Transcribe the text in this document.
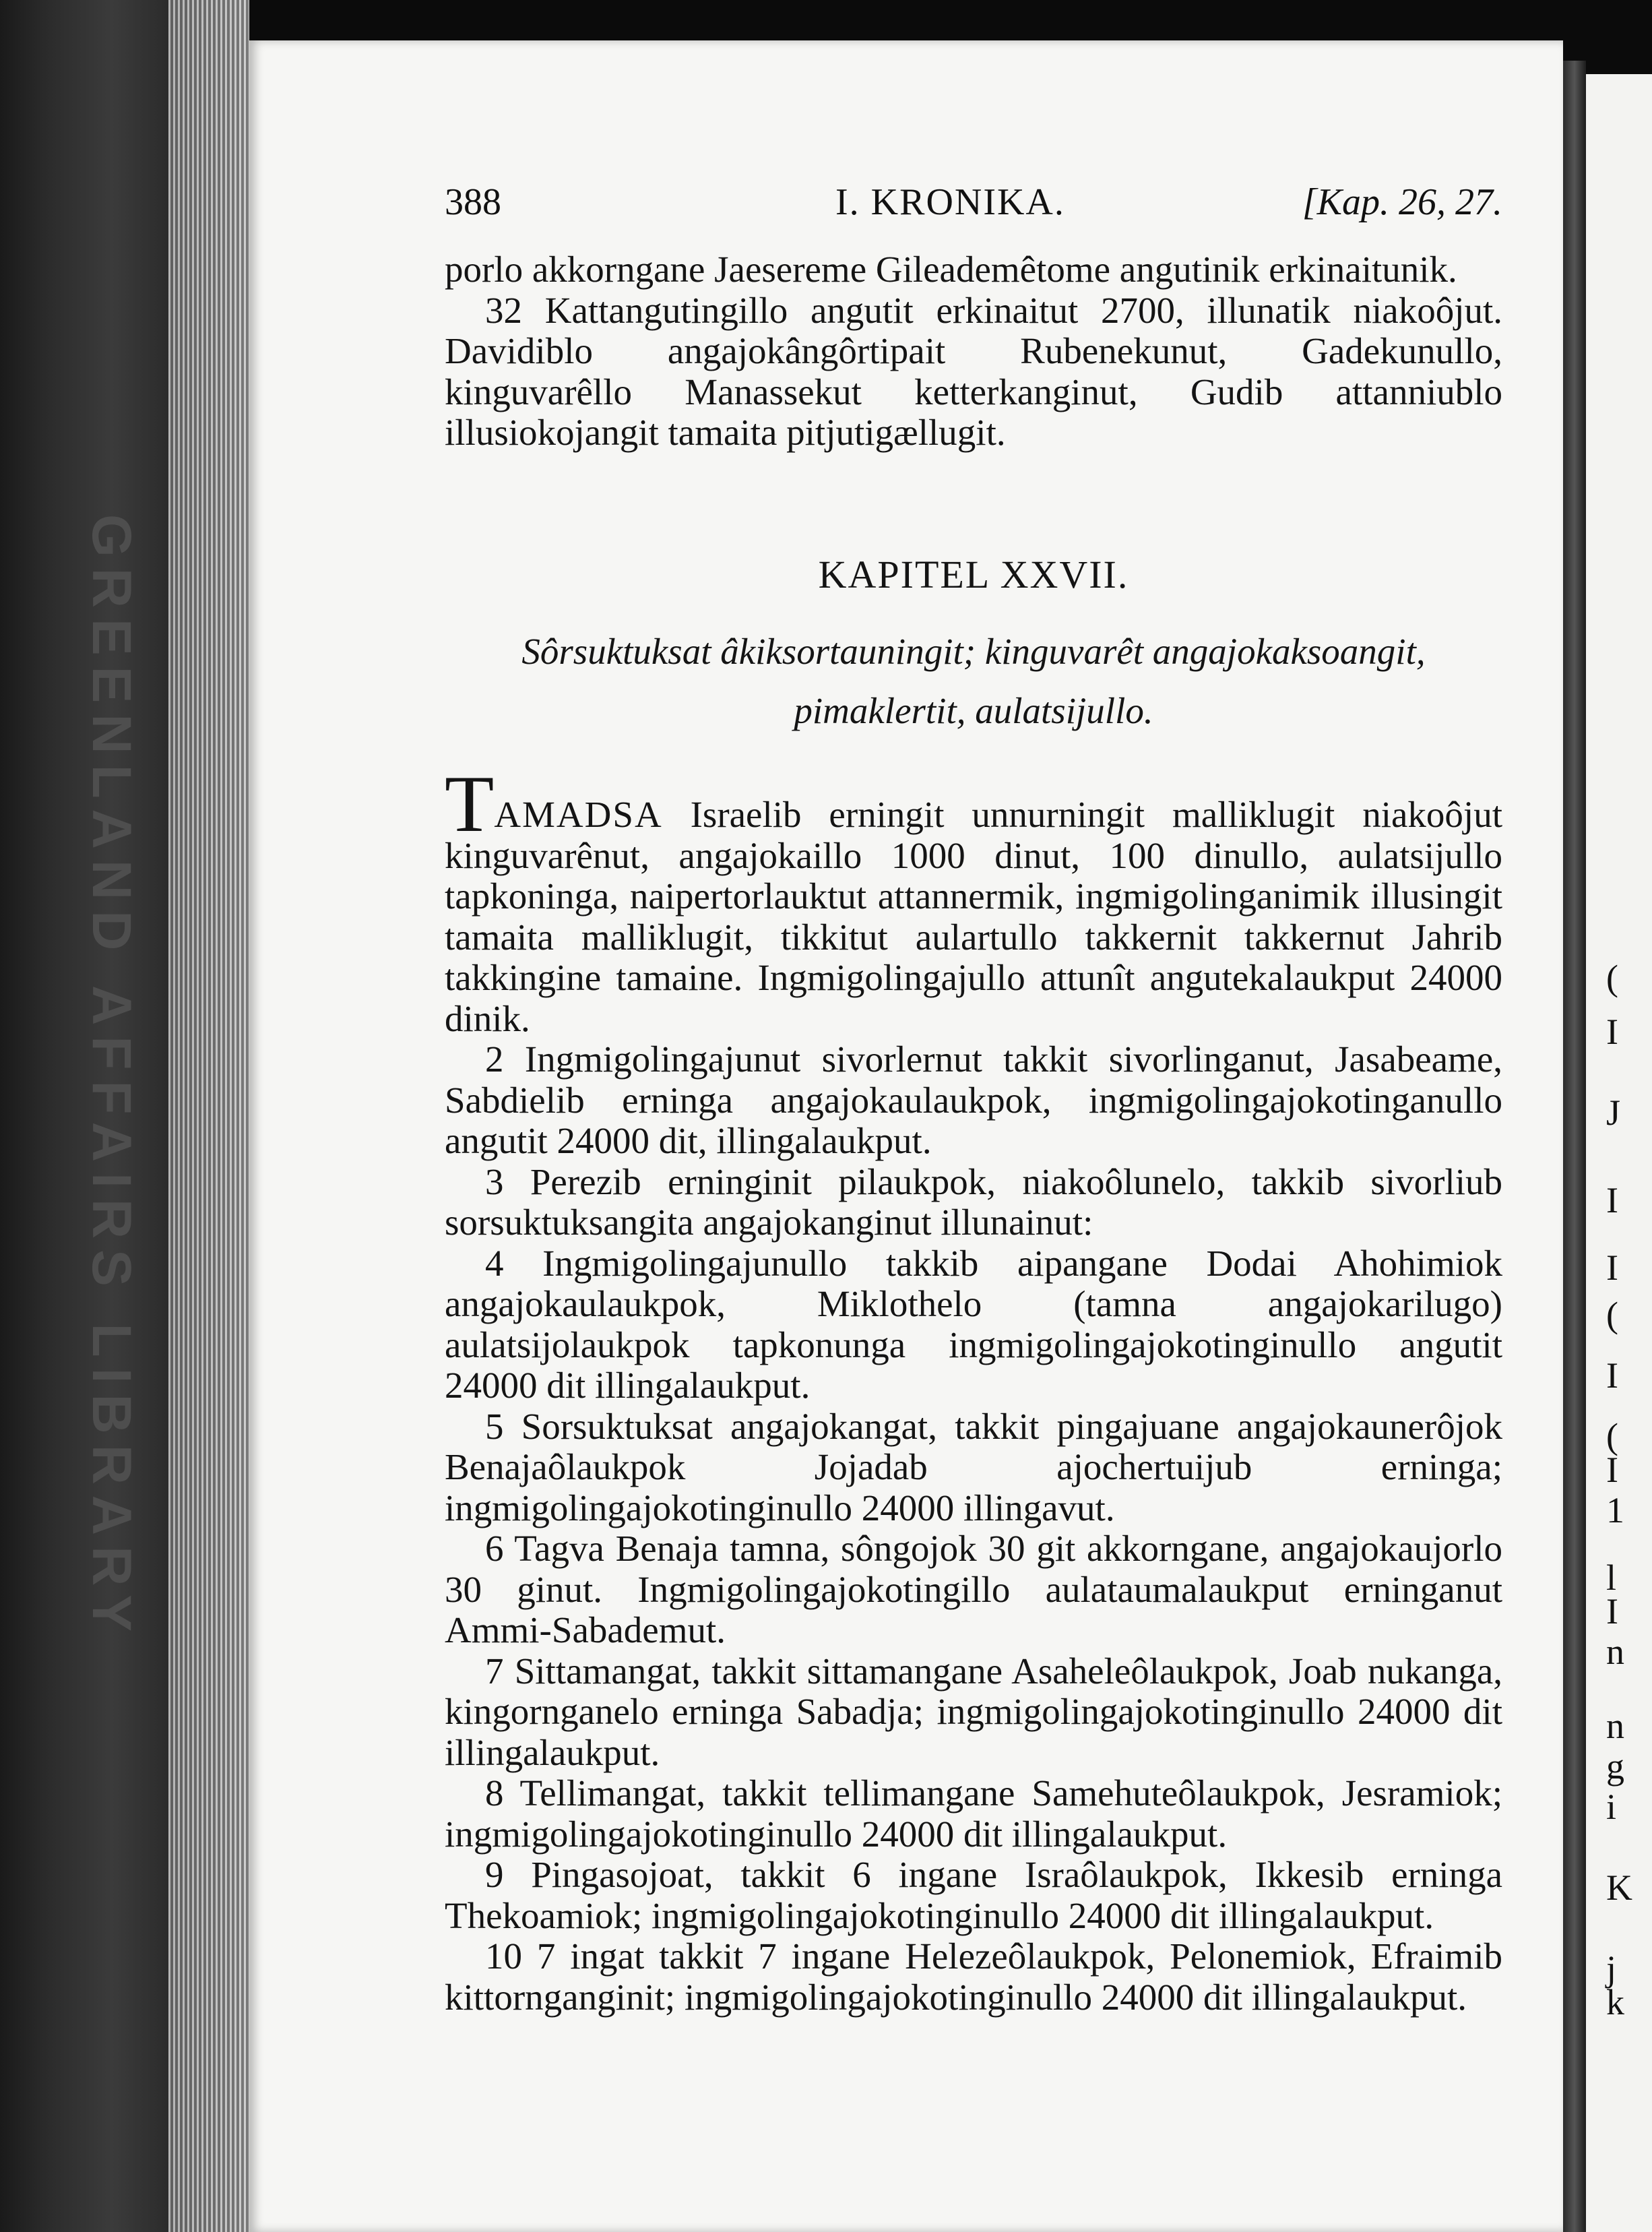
GREENLAND AFFAIRS LIBRARY	(
I
J
I
I
(
I
(
I
1
l
I
n
n
g
i
K
j
k
388	I. KRONIKA.	[Kap. 26, 27.

porlo akkorngane Jaesereme Gileademêtome angutinik erkinaitunik.

32 Kattangutingillo angutit erkinaitut 2700, illunatik niakoôjut. Davidiblo angajokângôrtipait Rubenekunut, Gadekunullo, kinguvarêllo Manassekut ketterkanginut, Gudib attanniublo illusiokojangit tamaita pitjutigællugit.

KAPITEL XXVII.

Sôrsuktuksat âkiksortauningit; kinguvarêt angajokaksoangit, pimaklertit, aulatsijullo.

TAMADSA Israelib erningit unnurningit malliklugit niakoôjut kinguvarênut, angajokaillo 1000 dinut, 100 dinullo, aulatsijullo tapkoninga, naipertorlauktut attannermik, ingmigolinganimik illusingit tamaita malliklugit, tikkitut aulartullo takkernit takkernut Jahrib takkingine tamaine. Ingmigolingajullo attunît angutekalaukput 24000 dinik.

2 Ingmigolingajunut sivorlernut takkit sivorlinganut, Jasabeame, Sabdielib erninga angajokaulaukpok, ingmigolingajokotinganullo angutit 24000 dit, illingalaukput.

3 Perezib erninginit pilaukpok, niakoôlunelo, takkib sivorliub sorsuktuksangita angajokanginut illunainut:

4 Ingmigolingajunullo takkib aipangane Dodai Ahohimiok angajokaulaukpok, Miklothelo (tamna angajokarilugo) aulatsijolaukpok tapkonunga ingmigolingajokotinginullo angutit 24000 dit illingalaukput.

5 Sorsuktuksat angajokangat, takkit pingajuane angajokaunerôjok Benajaôlaukpok Jojadab ajochertuijub erninga; ingmigolingajokotinginullo 24000 illingavut.

6 Tagva Benaja tamna, sôngojok 30 git akkorngane, angajokaujorlo 30 ginut. Ingmigolingajokotingillo aulataumalaukput erninganut Ammi-Sabademut.

7 Sittamangat, takkit sittamangane Asaheleôlaukpok, Joab nukanga, kingornganelo erninga Sabadja; ingmigolingajokotinginullo 24000 dit illingalaukput.

8 Tellimangat, takkit tellimangane Samehuteôlaukpok, Jesramiok; ingmigolingajokotinginullo 24000 dit illingalaukput.

9 Pingasojoat, takkit 6 ingane Israôlaukpok, Ikkesib erninga Thekoamiok; ingmigolingajokotinginullo 24000 dit illingalaukput.

10 7 ingat takkit 7 ingane Helezeôlaukpok, Pelonemiok, Efraimib kittornganginit; ingmigolingajokotinginullo 24000 dit illingalaukput.
